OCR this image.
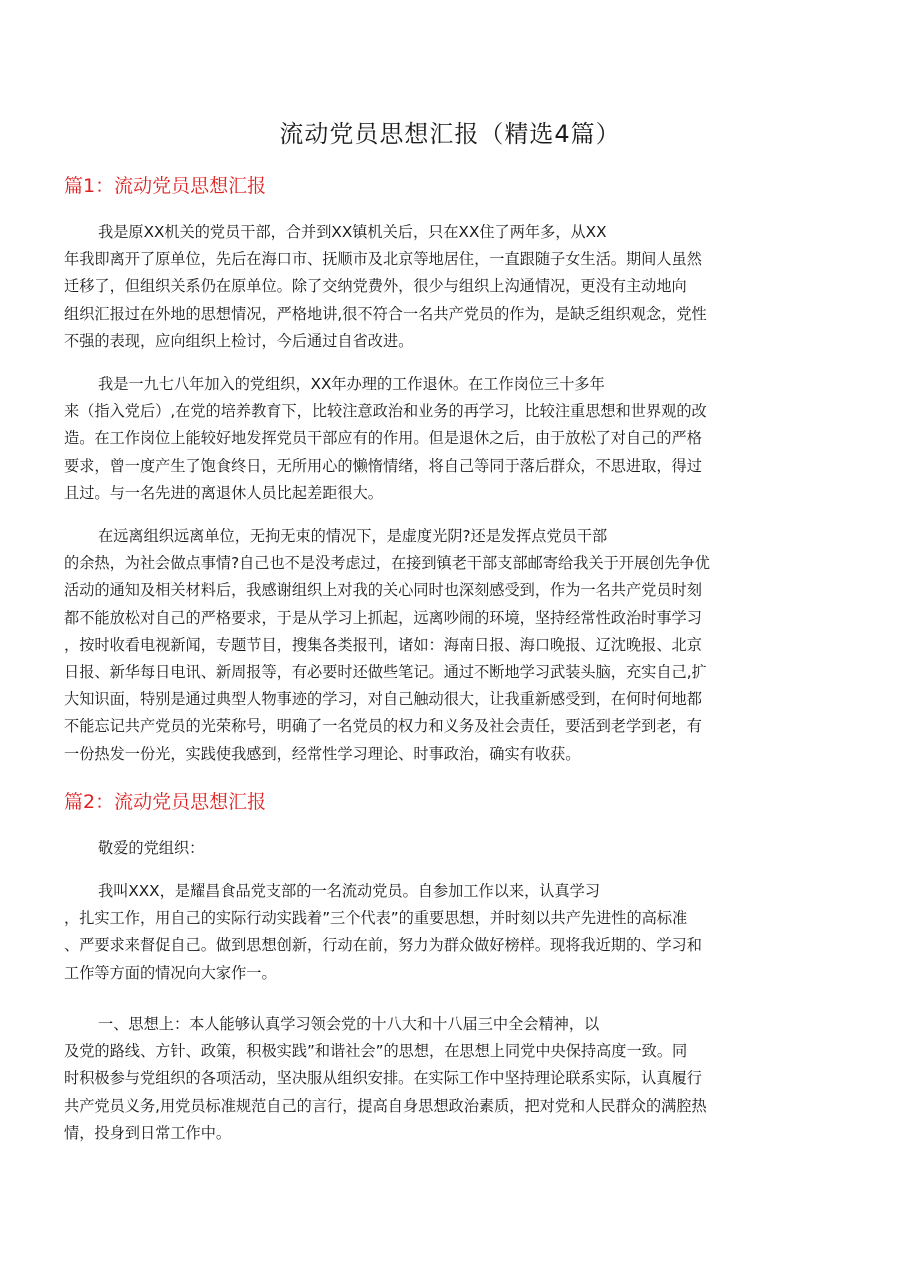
流动党员思想汇报（精选4篇）
篇1：流动党员思想汇报
我是原XX机关的党员干部，合并到XX镇机关后，只在XX住了两年多，从XX
年我即离开了原单位，先后在海口市、抚顺市及北京等地居住，一直跟随子女生活。期间人虽然
迁移了，但组织关系仍在原单位。除了交纳党费外，很少与组织上沟通情况，更没有主动地向
组织汇报过在外地的思想情况，严格地讲,很不符合一名共产党员的作为，是缺乏组织观念，党性
不强的表现，应向组织上检讨，今后通过自省改进。
我是一九七八年加入的党组织，XX年办理的工作退休。在工作岗位三十多年
来（指入党后）,在党的培养教育下，比较注意政治和业务的再学习，比较注重思想和世界观的改
造。在工作岗位上能较好地发挥党员干部应有的作用。但是退休之后，由于放松了对自己的严格
要求，曾一度产生了饱食终日，无所用心的懒惰情绪，将自己等同于落后群众，不思进取，得过
且过。与一名先进的离退休人员比起差距很大。
在远离组织远离单位，无拘无束的情况下，是虚度光阴?还是发挥点党员干部
的余热，为社会做点事情?自己也不是没考虑过，在接到镇老干部支部邮寄给我关于开展创先争优
活动的通知及相关材料后，我感谢组织上对我的关心同时也深刻感受到，作为一名共产党员时刻
都不能放松对自己的严格要求，于是从学习上抓起，远离吵闹的环境，坚持经常性政治时事学习
，按时收看电视新闻，专题节目，搜集各类报刊，诸如：海南日报、海口晚报、辽沈晚报、北京
日报、新华每日电讯、新周报等，有必要时还做些笔记。通过不断地学习武装头脑，充实自己,扩
大知识面，特别是通过典型人物事迹的学习，对自己触动很大，让我重新感受到，在何时何地都
不能忘记共产党员的光荣称号，明确了一名党员的权力和义务及社会责任，要活到老学到老，有
一份热发一份光，实践使我感到，经常性学习理论、时事政治，确实有收获。
篇2：流动党员思想汇报
敬爱的党组织：
我叫XXX，是耀昌食品党支部的一名流动党员。自参加工作以来，认真学习
，扎实工作，用自己的实际行动实践着”三个代表”的重要思想，并时刻以共产先进性的高标准
、严要求来督促自己。做到思想创新，行动在前，努力为群众做好榜样。现将我近期的、学习和
工作等方面的情况向大家作一。
一、思想上：本人能够认真学习领会党的十八大和十八届三中全会精神，以
及党的路线、方针、政策，积极实践”和谐社会”的思想，在思想上同党中央保持高度一致。同
时积极参与党组织的各项活动，坚决服从组织安排。在实际工作中坚持理论联系实际，认真履行
共产党员义务,用党员标准规范自己的言行，提高自身思想政治素质，把对党和人民群众的满腔热
情，投身到日常工作中。
